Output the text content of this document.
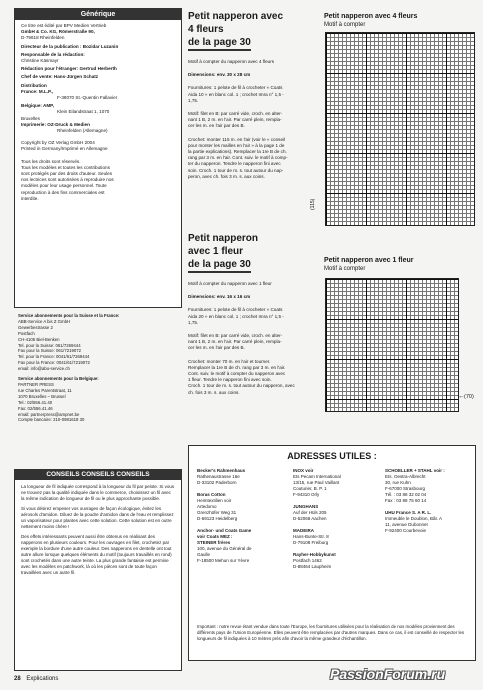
Générique

Ce titre est édité par BPV Medien Vertrieb

GmbH & Co. KG, Römerstraße 90,

D-79618 Rheinfelden

Directeur de la publication : Bozidar Luzanin

Responsable de la rédaction:

Christine Käsmayr

Rédaction pour l'étranger: Gertrud Herberth

Chef de vente: Hans-Jürgen Schatz

Distribution

France: M.L.P.,

F-38070 St.-Quentin Fallavier

Belgique: AMP,

Klein Eilandstraat 1, 1070

Bruxelles

Imprimerie: OZ-Druck & Medien

Rheinfelden (Allemagne)

Copyright by OZ Verlag GmbH 2004

Printed in Germany/Imprimé en Allemagne

Tous les droits sont réservés.

Tous les modèles et toutes les contributions

sont protégés par des droits d'auteur. Seules

nos lectrices sont autorisées à reproduire nos

modèles pour leur usage personnel. Toute

reproduction à des fins commerciales est

interdite.

Service abonnements pour la Suisse et la France:

ABB-Service A bis Z GmbH

Gewerbestrasse 2

Postfach

CH-4105 Biel-Benken

Tel. pour la Suisse: 061/7269444

Fax pour la Suisse: 061/7219072

Tel. pour la France: 0041/61/7269444

Fax pour la France: 0041/61/7219072

email: info@abo-service.ch

Service abonnements pour la Belgique:

PARTNER PRESS

rue Charles Parentstraat, 11

1070 Bruxelles – Brussel

Tel.: 02/556.41.40

Fax: 02/556.41.46

email: partnerpress@ampnet.be

Compte bancaire: 210-0981618 30

CONSEILS CONSEILS CONSEILS

La longueur de fil indiquée correspond à la longueur du fil par pelote. Si vous ne trouvez pas la qualité indiquée dans le commerce, choisissez un fil avec la même indication de longueur de fil ou le plus approchante possible.

Si vous désirez empeser vos ouvrages de façon écologique, évitez les aérosols d'amidon. Diluez de la poudre d'amidon dans de l'eau et remplissez un vaporisateur pour plantes avec cette solution. Cette solution est en outre nettement moins chère !

Des effets intéressants peuvent aussi être obtenus en réalisant des napperons en plusieurs couleurs. Pour les ouvrages en filet, crochetez par exemple la bordure d'une autre couleur. Des napperons en dentelle ont tout autre allure lorsque quelques éléments du motif (toujours travaillés en rond) sont crochetés dans une autre teinte. La plus grande fantaisie est permise avec les modèles en patchwork, là où les pièces sont de toute façon travaillées avec un autre fil.

Petit napperon avec
4 fleurs
de la page 30

Motif à compter du napperon avec 4 fleurs

Dimensions: env. 30 x 28 cm

Fournitures: 1 pelote de fil à crocheter « Coats

Aida 10 » en blanc col. 1 ; crochet Imra n° 1,5 -

1,75.

Motif: filet en B: par carré vide, croch. en alter-

nant 1 B, 2 m. en l'air. Par carré plein, rempla-

cer les m. en l'air par des B.

Crochet: monter 115 m. en l'air (voir le « conseil

pour monter les mailles en l'air » à la page 1 de

la partie explications). Remplacer la 1re B de ch.

rang par 3 m. en l'air. Cont. suiv. le motif à comp-

ter du napperon. Tendre le napperon fini avec

soin. Croch. 1 tour de m. s. tout autour du nap-

peron, avec ch. fois 3 m. s. aux coins.

Petit napperon
avec 1 fleur
de la page 30

Motif à compter du napperon avec 1 fleur

Dimensions: env. 16 x 16 cm

Fournitures: 1 pelote de fil à crocheter « Coats

Aida 20 » en blanc col. 1 ; crochet Imra n° 1,5 -

1,75.

Motif: filet en B: par carré vide, croch. en alter-

nant 1 B, 2 m. en l'air. Par carré plein, rempla-

cer les m. en l'air par des B.

Crochet: monter 70 m. en l'air et tourner.

Remplacer la 1re B de ch. rang par 3 m. en l'air.

Cont. suiv. le motif à compter du napperon avec

1 fleur. Tendre le napperon fini avec soin.

Croch. 1 tour de m. s. tout autour du napperon, avec

ch. fois 3 m. s. aux coins.

Petit napperon avec 4 fleurs
Motif à compter
(115)
Petit napperon avec 1 fleur
Motif à compter
← (70)
ADRESSES UTILES :

Becker's Rahmenhaus

Rathenaustrasse 16e

D-33102 Paderborn

Boras Cotton

Heimtextilien voir

Artedomo

Grenzhöfer Weg 31

D-69123 Heidelberg

Anchor- und Coats Game

voir Coats MEZ :

STEINER frères

100, avenue du Général de

Gaulle

F-18500 Mehun sur Yèvre

INOX voir

Ets Pecam International

13/15, rue Paul Vaillant

Couturier, B. P. 1

F-94310 Orly

JUNGHANS

Auf der Hüls 205

D-52068 Aachen

MADEIRA

Hans-Bunte-Str. 8

D-79108 Freiburg

Rayher-Hobbykunst

Postfach 1462

D-88464 Laupheim

SCHOELLER + STAHL voir :

Ets. Oestra-Albrecht

30, rue Kuhn

F-67000 Strasbourg

Tél. : 03 88 32 02 04

Fax : 03 88 75 60 14

UHU France S. A R. L.

Immeuble le Doublon, Bât. A

11, avenue Dubonnet

F-92400 Courbevoie

Important : notre revue étant vendue dans toute l'Europe, les fournitures utilisées pour la réalisation de nos modèles proviennent des différents pays de l'Union Européenne. Elles peuvent être remplacées par d'autres marques. Dans ce cas, il est conseillé de respecter les longueurs de fil indiquées à 10 mètres près afin d'avoir la même grandeur d'échantillon.
28 Explications	PassionForum.ru
